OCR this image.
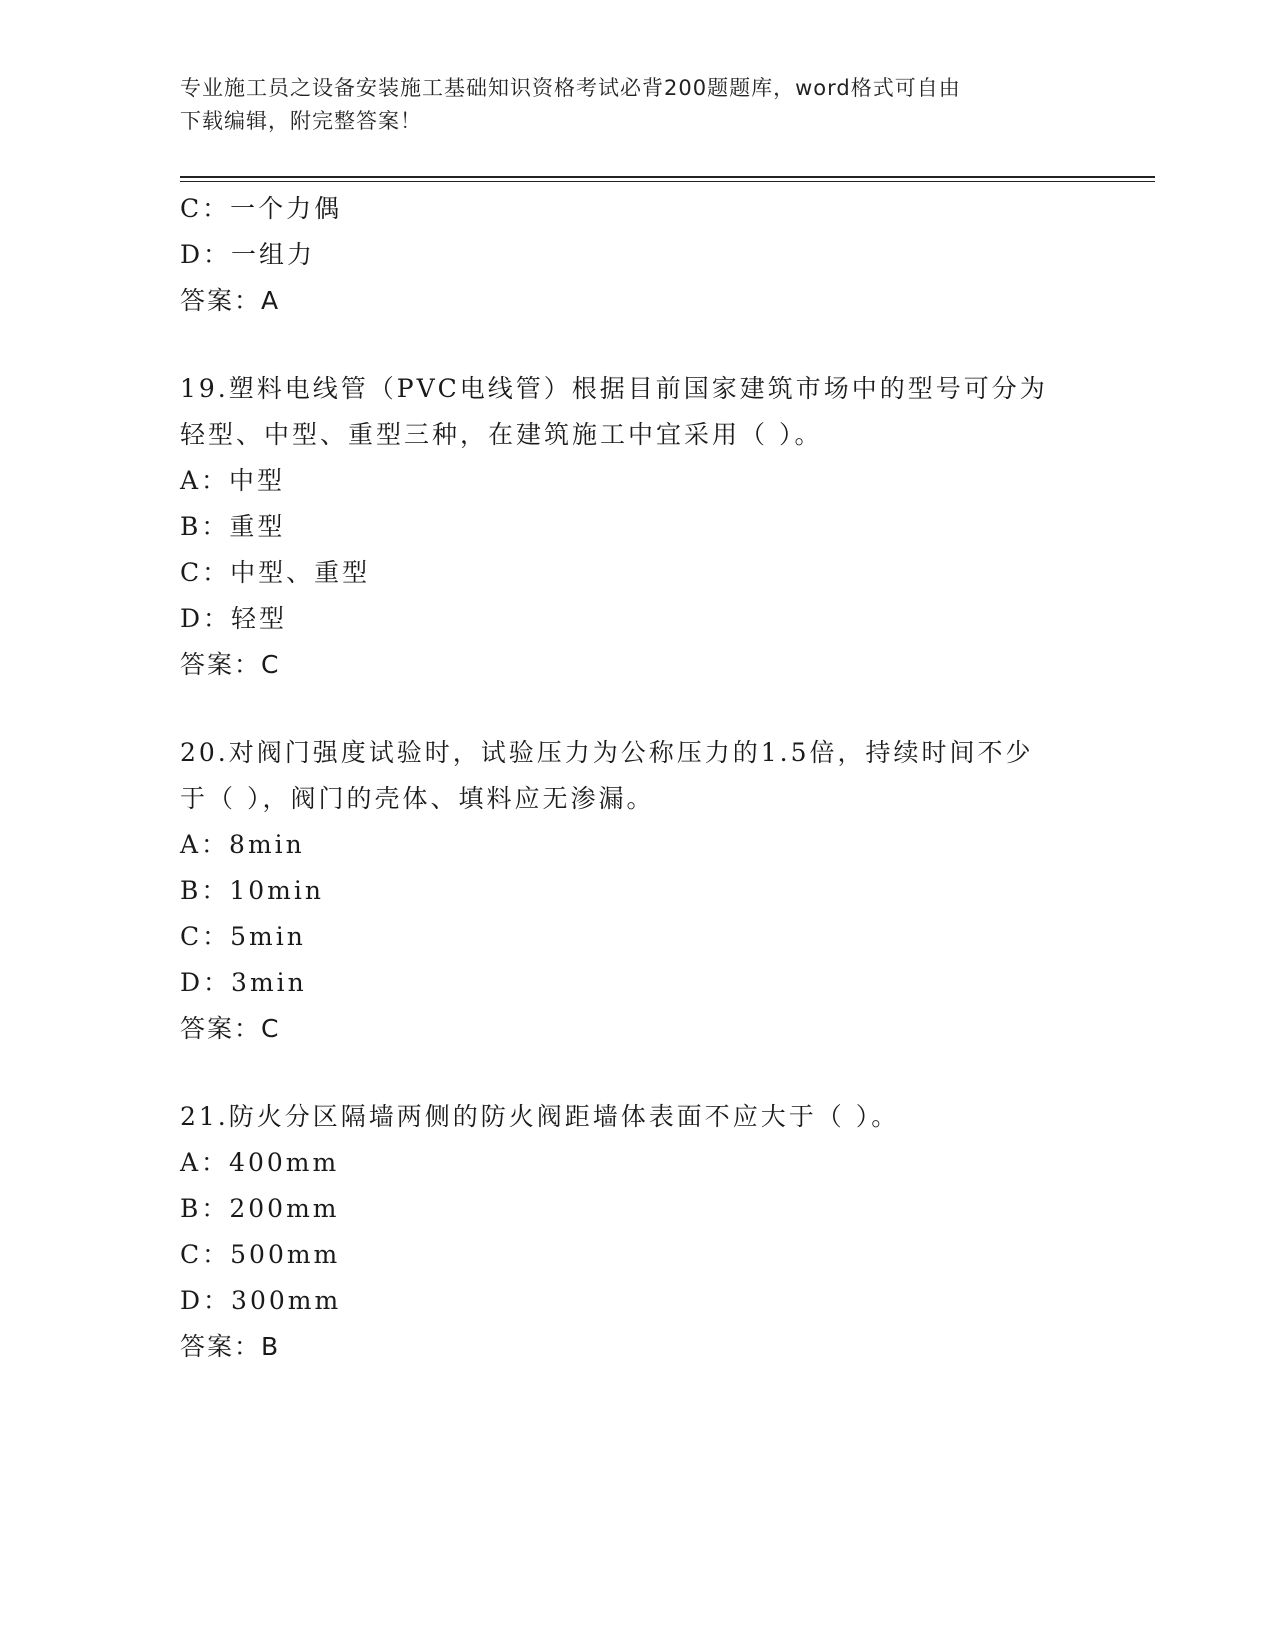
专业施工员之设备安装施工基础知识资格考试必背200题题库，word格式可自由
下载编辑，附完整答案！
C：一个力偶
D：一组力
答案：A
19.塑料电线管（PVC电线管）根据目前国家建筑市场中的型号可分为
轻型、中型、重型三种，在建筑施工中宜采用（ ）。
A：中型
B：重型
C：中型、重型
D：轻型
答案：C
20.对阀门强度试验时，试验压力为公称压力的1.5倍，持续时间不少
于（ ），阀门的壳体、填料应无渗漏。
A：8min
B：10min
C：5min
D：3min
答案：C
21.防火分区隔墙两侧的防火阀距墙体表面不应大于（ ）。
A：400mm
B：200mm
C：500mm
D：300mm
答案：B
